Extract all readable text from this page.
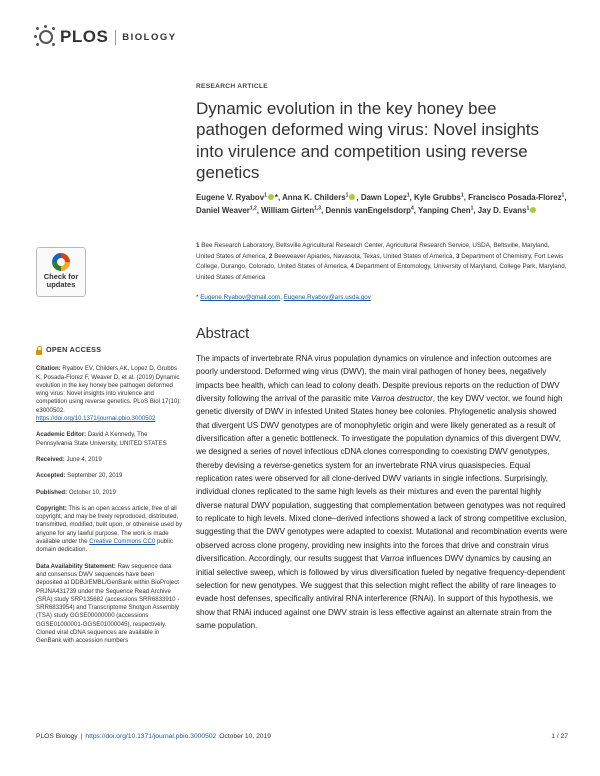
PLOS BIOLOGY
Check for
updates
OPEN ACCESS
Citation: Ryabov EV, Childers AK, Lopez D, Grubbs K, Posada-Florez F, Weaver D, et al. (2019) Dynamic evolution in the key honey bee pathogen deformed wing virus: Novel insights into virulence and competition using reverse genetics. PLoS Biol 17(10): e3000502. https://doi.org/10.1371/journal.pbio.3000502
Academic Editor: David A Kennedy, The Pennsylvania State University, UNITED STATES
Received: June 4, 2019
Accepted: September 20, 2019
Published: October 10, 2019
Copyright: This is an open access article, free of all copyright, and may be freely reproduced, distributed, transmitted, modified, built upon, or otherwise used by anyone for any lawful purpose. The work is made available under the Creative Commons CC0 public domain dedication.
Data Availability Statement: Raw sequence data and consensus DWV sequences have been deposited at DDBJ/EMBL/GenBank within BioProject PRJNA431739 under the Sequence Read Archive (SRA) study SRP135682 (accessions SRR6833910 - SRR6833954) and Transcriptome Shotgun Assembly (TSA) study GGSE00000000 (accessions GGSE01000001-GGSE01000045), respectively. Cloned viral cDNA sequences are available in GenBank with accession numbers
RESEARCH ARTICLE
Dynamic evolution in the key honey bee pathogen deformed wing virus: Novel insights into virulence and competition using reverse genetics
Eugene V. Ryabov$^1$ *, Anna K. Childers$^1$ , Dawn Lopez$^1$, Kyle Grubbs$^1$, Francisco Posada-Florez$^1$, Daniel Weaver$^{1,2}$, William Girten$^{1,3}$, Dennis vanEngelsdorp$^4$, Yanping Chen$^1$, Jay D. Evans$^1$
1 Bee Research Laboratory, Beltsville Agricultural Research Center, Agricultural Research Service, USDA, Beltsville, Maryland, United States of America, 2 Beeweaver Apiaries, Navasota, Texas, United States of America, 3 Department of Chemistry, Fort Lewis College, Durango, Colorado, United States of America, 4 Department of Entomology, University of Maryland, College Park, Maryland, United States of America
* Eugene.Ryabov@gmail.com, Eugene.Ryabov@ars.usda.gov
Abstract

The impacts of invertebrate RNA virus population dynamics on virulence and infection outcomes are poorly understood. Deformed wing virus (DWV), the main viral pathogen of honey bees, negatively impacts bee health, which can lead to colony death. Despite previous reports on the reduction of DWV diversity following the arrival of the parasitic mite Varroa destructor, the key DWV vector, we found high genetic diversity of DWV in infested United States honey bee colonies. Phylogenetic analysis showed that divergent US DWV genotypes are of monophyletic origin and were likely generated as a result of diversification after a genetic bottleneck. To investigate the population dynamics of this divergent DWV, we designed a series of novel infectious cDNA clones corresponding to coexisting DWV genotypes, thereby devising a reverse-genetics system for an invertebrate RNA virus quasispecies. Equal replication rates were observed for all clone-derived DWV variants in single infections. Surprisingly, individual clones replicated to the same high levels as their mixtures and even the parental highly diverse natural DWV population, suggesting that complementation between genotypes was not required to replicate to high levels. Mixed clone–derived infections showed a lack of strong competitive exclusion, suggesting that the DWV genotypes were adapted to coexist. Mutational and recombination events were observed across clone progeny, providing new insights into the forces that drive and constrain virus diversification. Accordingly, our results suggest that Varroa influences DWV dynamics by causing an initial selective sweep, which is followed by virus diversification fueled by negative frequency-dependent selection for new genotypes. We suggest that this selection might reflect the ability of rare lineages to evade host defenses, specifically antiviral RNA interference (RNAi). In support of this hypothesis, we show that RNAi induced against one DWV strain is less effective against an alternate strain from the same population.

PLOS Biology | https://doi.org/10.1371/journal.pbio.3000502 October 10, 2019	1 / 27
